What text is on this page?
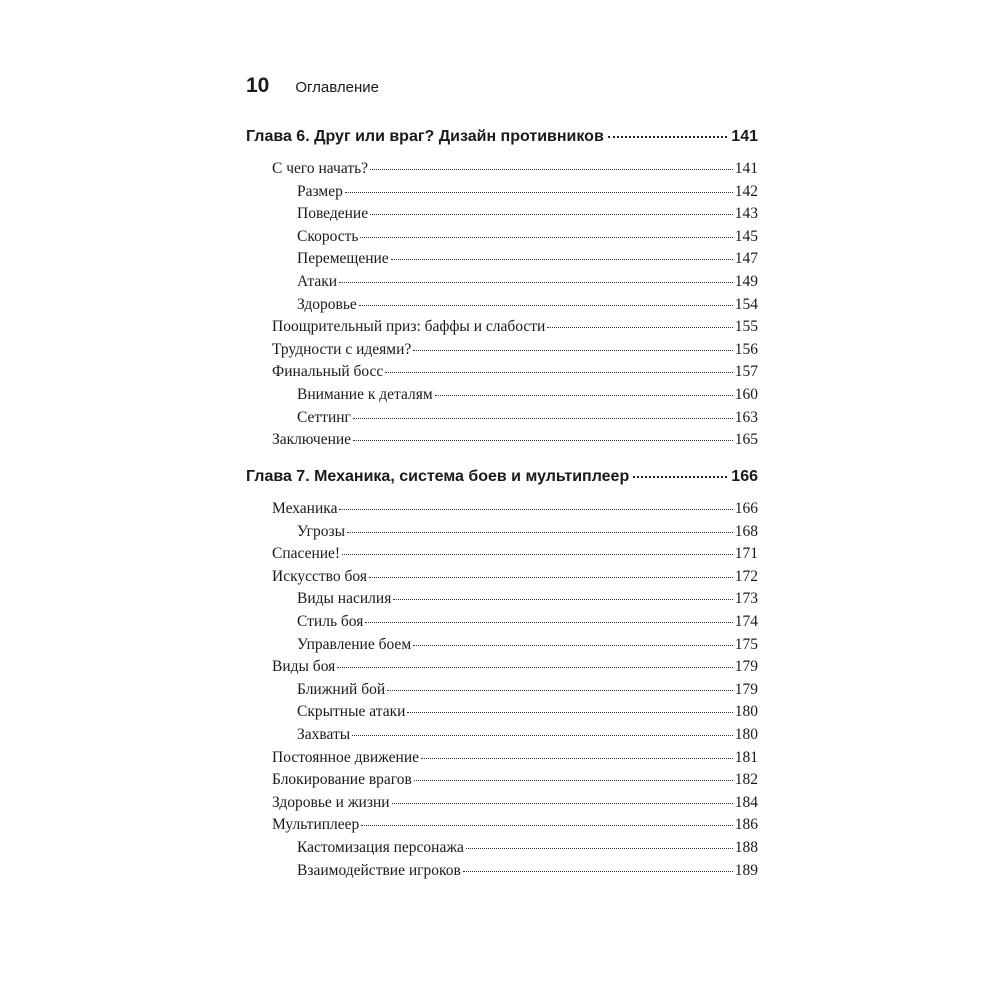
10 Оглавление
Глава 6. Друг или враг? Дизайн противников	141
С чего начать?	141
Размер	142
Поведение	143
Скорость	145
Перемещение	147
Атаки	149
Здоровье	154
Поощрительный приз: баффы и слабости	155
Трудности с идеями?	156
Финальный босс	157
Внимание к деталям	160
Сеттинг	163
Заключение	165
Глава 7. Механика, система боев и мультиплеер	166
Механика	166
Угрозы	168
Спасение!	171
Искусство боя	172
Виды насилия	173
Стиль боя	174
Управление боем	175
Виды боя	179
Ближний бой	179
Скрытные атаки	180
Захваты	180
Постоянное движение	181
Блокирование врагов	182
Здоровье и жизни	184
Мультиплеер	186
Кастомизация персонажа	188
Взаимодействие игроков	189
